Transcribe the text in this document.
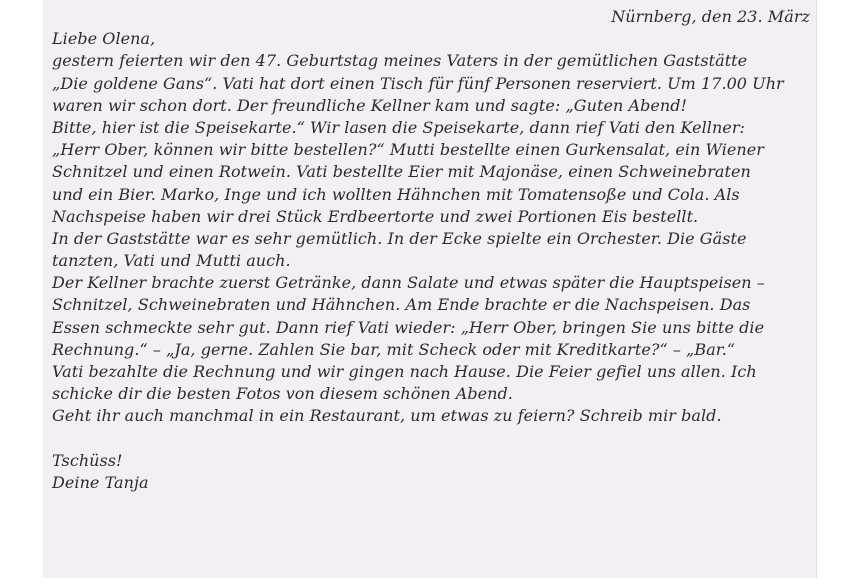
Nürnberg, den 23. März
Liebe Olena,
gestern feierten wir den 47. Geburtstag meines Vaters in der gemütlichen Gaststätte
„Die goldene Gans“. Vati hat dort einen Tisch für fünf Personen reserviert. Um 17.00 Uhr
waren wir schon dort. Der freundliche Kellner kam und sagte: „Guten Abend!
Bitte, hier ist die Speisekarte.“ Wir lasen die Speisekarte, dann rief Vati den Kellner:
„Herr Ober, können wir bitte bestellen?“ Mutti bestellte einen Gurkensalat, ein Wiener
Schnitzel und einen Rotwein. Vati bestellte Eier mit Majonäse, einen Schweinebraten
und ein Bier. Marko, Inge und ich wollten Hähnchen mit Tomatensoße und Cola. Als
Nachspeise haben wir drei Stück Erdbeertorte und zwei Portionen Eis bestellt.
In der Gaststätte war es sehr gemütlich. In der Ecke spielte ein Orchester. Die Gäste
tanzten, Vati und Mutti auch.
Der Kellner brachte zuerst Getränke, dann Salate und etwas später die Hauptspeisen –
Schnitzel, Schweinebraten und Hähnchen. Am Ende brachte er die Nachspeisen. Das
Essen schmeckte sehr gut. Dann rief Vati wieder: „Herr Ober, bringen Sie uns bitte die
Rechnung.“ – „Ja, gerne. Zahlen Sie bar, mit Scheck oder mit Kreditkarte?“ – „Bar.“
Vati bezahlte die Rechnung und wir gingen nach Hause. Die Feier gefiel uns allen. Ich
schicke dir die besten Fotos von diesem schönen Abend.
Geht ihr auch manchmal in ein Restaurant, um etwas zu feiern? Schreib mir bald.
Tschüss!
Deine Tanja
